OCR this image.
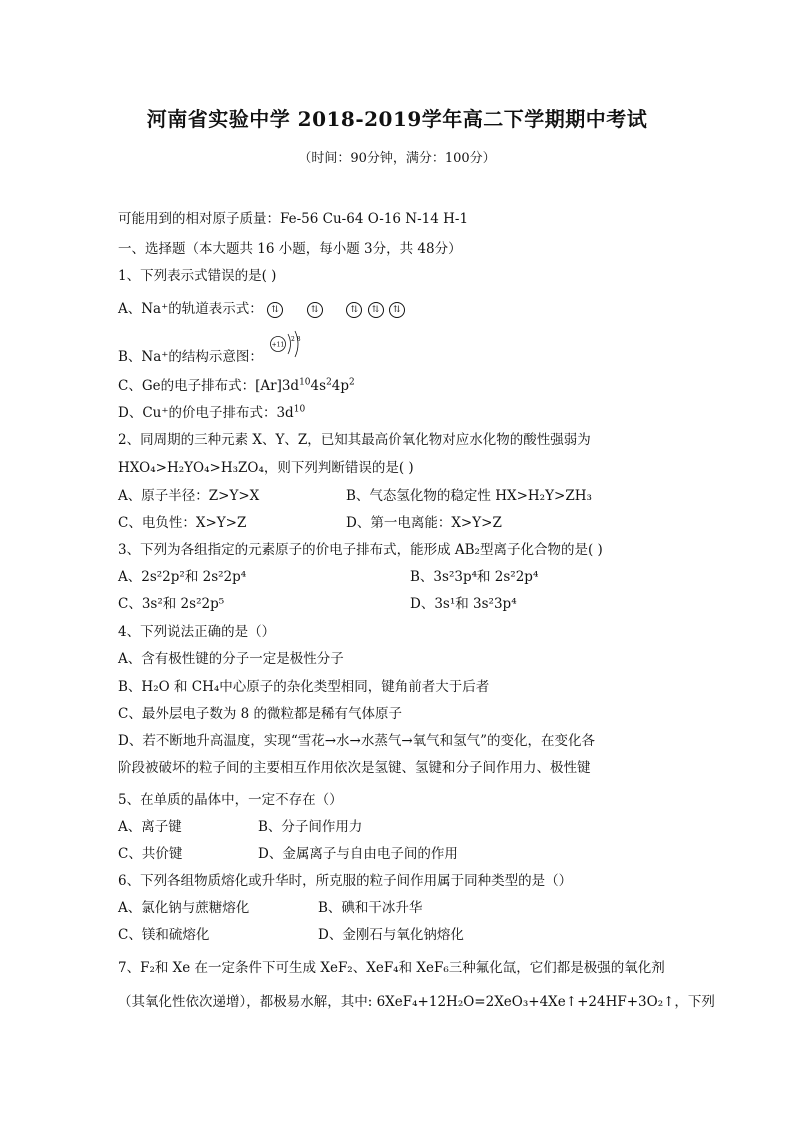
河南省实验中学 2018-2019学年高二下学期期中考试
（时间：90分钟，满分：100分）
可能用到的相对原子质量：Fe-56 Cu-64 O-16 N-14 H-1
一、选择题（本大题共 16 小题，每小题 3分，共 48分）
1、下列表示式错误的是( )
A、Na⁺的轨道表示式： ⇅	⇅	⇅ ⇅ ⇅
B、Na⁺的结构示意图：
+11
2 8
C、Ge的电子排布式：$[Ar]3d^{10}4s^24p^2$
D、Cu⁺的价电子排布式：$3d^{10}$
2、同周期的三种元素 X、Y、Z，已知其最高价氧化物对应水化物的酸性强弱为
HXO₄>H₂YO₄>H₃ZO₄，则下列判断错误的是( )
A、原子半径：Z>Y>X	B、气态氢化物的稳定性 HX>H₂Y>ZH₃
C、电负性：X>Y>Z	D、第一电离能：X>Y>Z
3、下列为各组指定的元素原子的价电子排布式，能形成 AB₂型离子化合物的是( )
A、2s²2p²和 2s²2p⁴	B、3s²3p⁴和 2s²2p⁴
C、3s²和 2s²2p⁵	D、3s¹和 3s²3p⁴
4、下列说法正确的是（）
A、含有极性键的分子一定是极性分子
B、H₂O 和 CH₄中心原子的杂化类型相同，键角前者大于后者
C、最外层电子数为 8 的微粒都是稀有气体原子
D、若不断地升高温度，实现“雪花→水→水蒸气→氧气和氢气”的变化，在变化各
阶段被破坏的粒子间的主要相互作用依次是氢键、氢键和分子间作用力、极性键
5、在单质的晶体中，一定不存在（）
A、离子键	B、分子间作用力
C、共价键	D、金属离子与自由电子间的作用
6、下列各组物质熔化或升华时，所克服的粒子间作用属于同种类型的是（）
A、氯化钠与蔗糖熔化	B、碘和干冰升华
C、镁和硫熔化	D、金刚石与氧化钠熔化
7、F₂和 Xe 在一定条件下可生成 XeF₂、XeF₄和 XeF₆三种氟化氙，它们都是极强的氧化剂
（其氧化性依次递增），都极易水解，其中: 6XeF₄+12H₂O=2XeO₃+4Xe↑+24HF+3O₂↑，下列
